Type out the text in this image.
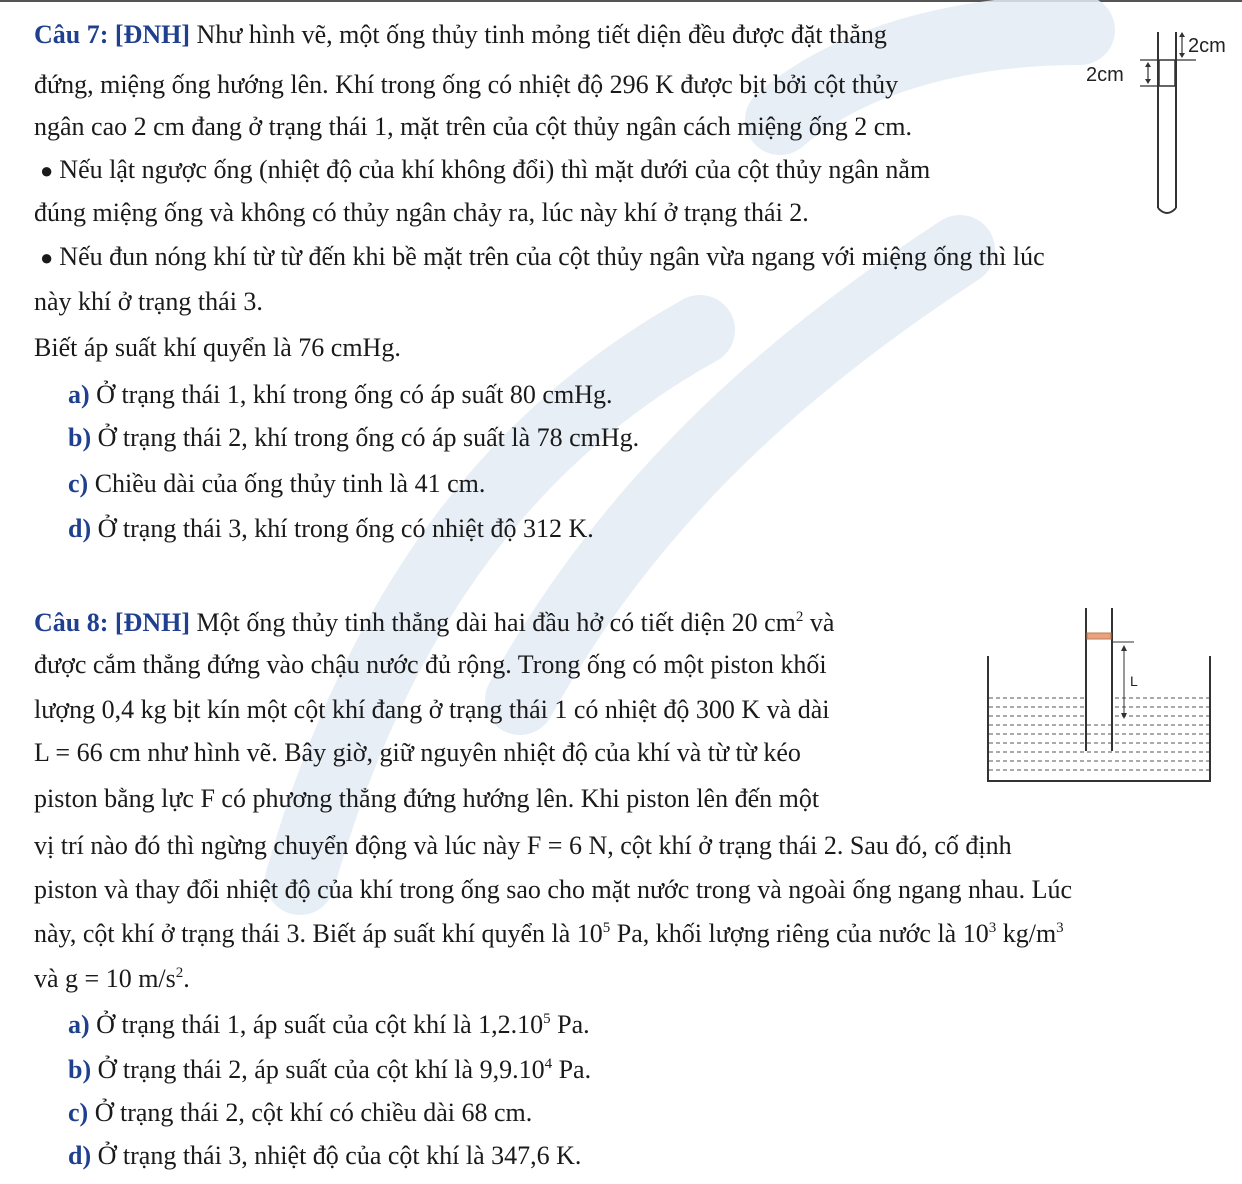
Câu 7: [ĐNH] Như hình vẽ, một ống thủy tinh mỏng tiết diện đều được đặt thẳng
đứng, miệng ống hướng lên. Khí trong ống có nhiệt độ 296 K được bịt bởi cột thủy
ngân cao 2 cm đang ở trạng thái 1, mặt trên của cột thủy ngân cách miệng ống 2 cm.
● Nếu lật ngược ống (nhiệt độ của khí không đổi) thì mặt dưới của cột thủy ngân nằm
đúng miệng ống và không có thủy ngân chảy ra, lúc này khí ở trạng thái 2.
● Nếu đun nóng khí từ từ đến khi bề mặt trên của cột thủy ngân vừa ngang với miệng ống thì lúc
này khí ở trạng thái 3.
Biết áp suất khí quyển là 76 cmHg.
a) Ở trạng thái 1, khí trong ống có áp suất 80 cmHg.
b) Ở trạng thái 2, khí trong ống có áp suất là 78 cmHg.
c) Chiều dài của ống thủy tinh là 41 cm.
d) Ở trạng thái 3, khí trong ống có nhiệt độ 312 K.
2cm
2cm
Câu 8: [ĐNH] Một ống thủy tinh thẳng dài hai đầu hở có tiết diện 20 $cm^2$ và
được cắm thẳng đứng vào chậu nước đủ rộng. Trong ống có một piston khối
lượng 0,4 kg bịt kín một cột khí đang ở trạng thái 1 có nhiệt độ 300 K và dài
L = 66 cm như hình vẽ. Bây giờ, giữ nguyên nhiệt độ của khí và từ từ kéo
piston bằng lực F có phương thẳng đứng hướng lên. Khi piston lên đến một
vị trí nào đó thì ngừng chuyển động và lúc này F = 6 N, cột khí ở trạng thái 2. Sau đó, cố định
piston và thay đổi nhiệt độ của khí trong ống sao cho mặt nước trong và ngoài ống ngang nhau. Lúc
này, cột khí ở trạng thái 3. Biết áp suất khí quyển là $10^5$ Pa, khối lượng riêng của nước là $10^3$ $kg/m^3$
và g = 10 $m/s^2$.
a) Ở trạng thái 1, áp suất của cột khí là 1,2.10$^5$ Pa.
b) Ở trạng thái 2, áp suất của cột khí là 9,9.10$^4$ Pa.
c) Ở trạng thái 2, cột khí có chiều dài 68 cm.
d) Ở trạng thái 3, nhiệt độ của cột khí là 347,6 K.
L
